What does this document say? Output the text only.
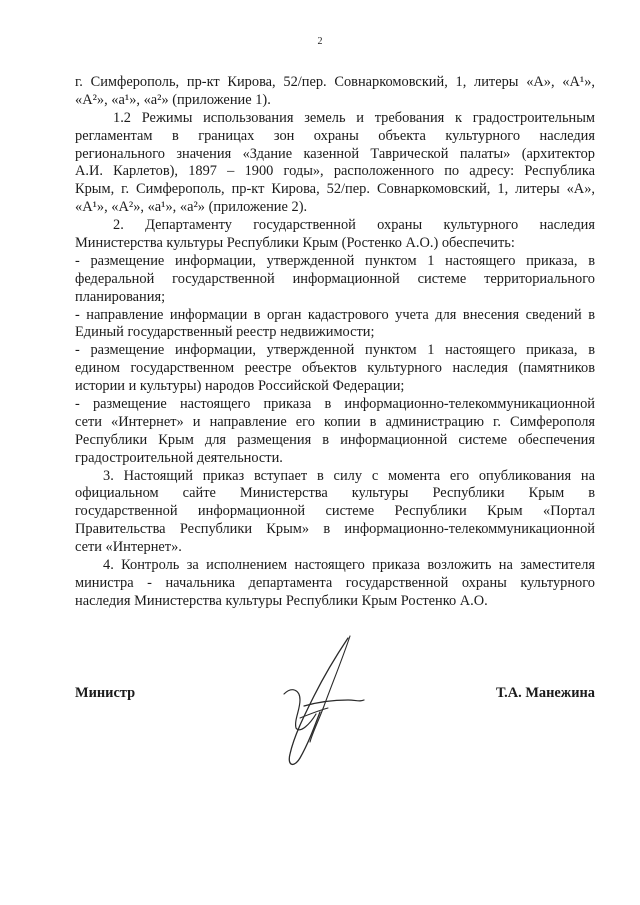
2
г. Симферополь, пр-кт Кирова, 52/пер. Совнаркомовский, 1, литеры «А», «А¹»,
«А²», «а¹», «а²» (приложение 1).
1.2 Режимы использования земель и требования к градостроительным
регламентам в границах зон охраны объекта культурного наследия
регионального значения «Здание казенной Таврической палаты» (архитектор
А.И. Карлетов), 1897 – 1900 годы», расположенного по адресу: Республика
Крым, г. Симферополь, пр-кт Кирова, 52/пер. Совнаркомовский, 1, литеры «А»,
«А¹», «А²», «а¹», «а²» (приложение 2).
2. Департаменту государственной охраны культурного наследия
Министерства культуры Республики Крым (Ростенко А.О.) обеспечить:
- размещение информации, утвержденной пунктом 1 настоящего приказа, в
федеральной государственной информационной системе территориального
планирования;
- направление информации в орган кадастрового учета для внесения сведений в
Единый государственный реестр недвижимости;
- размещение информации, утвержденной пунктом 1 настоящего приказа, в
едином государственном реестре объектов культурного наследия (памятников
истории и культуры) народов Российской Федерации;
- размещение настоящего приказа в информационно-телекоммуникационной
сети «Интернет» и направление его копии в администрацию г. Симферополя
Республики Крым для размещения в информационной системе обеспечения
градостроительной деятельности.
3. Настоящий приказ вступает в силу с момента его опубликования на
официальном сайте Министерства культуры Республики Крым в
государственной информационной системе Республики Крым «Портал
Правительства Республики Крым» в информационно-телекоммуникационной
сети «Интернет».
4. Контроль за исполнением настоящего приказа возложить на заместителя
министра - начальника департамента государственной охраны культурного
наследия Министерства культуры Республики Крым Ростенко А.О.
Министр	Т.А. Манежина
